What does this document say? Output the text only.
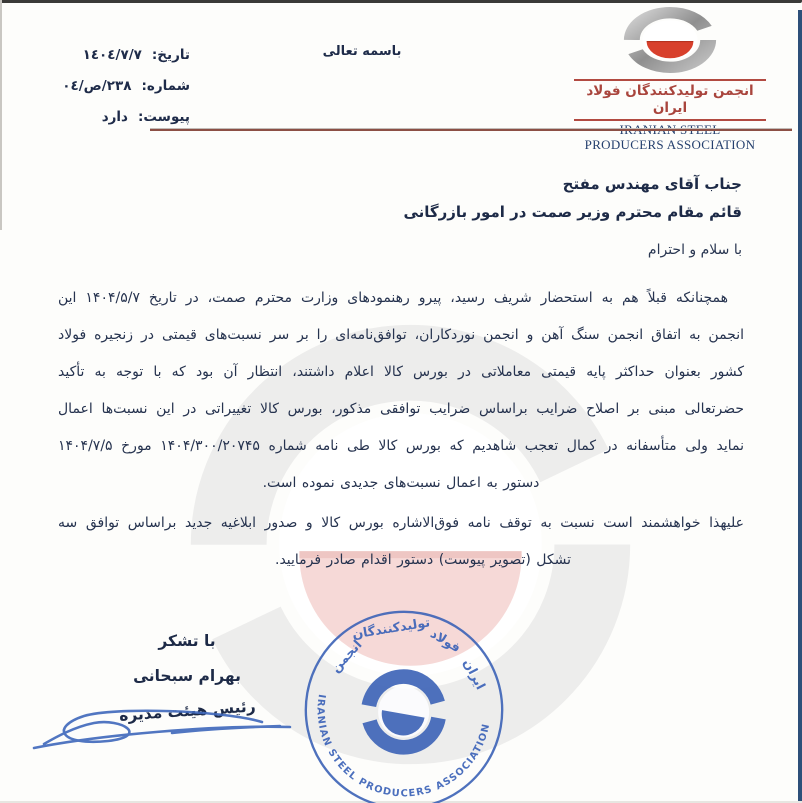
تاریخ:١٤٠٤/٧/٧
شماره:٢٣٨/ص/٠٤
پیوست:دارد
باسمه تعالی
انجمن تولیدکنندگان فولاد ایران
PRODUCERS ASSOCIATION
جناب آقای مهندس مفتح
قائم مقام محترم وزیر صمت در امور بازرگانی
با سلام و احترام
همچنانکه قبلاً هم به استحضار شریف رسید، پیرو رهنمودهای وزارت محترم صمت، در تاریخ ۱۴۰۴/۵/۷ این
انجمن به اتفاق انجمن سنگ آهن و انجمن نوردکاران، توافق‌نامه‌ای را بر سر نسبت‌های قیمتی در زنجیره فولاد
کشور بعنوان حداکثر پایه قیمتی معاملاتی در بورس کالا اعلام داشتند، انتظار آن بود که با توجه به تأکید
حضرتعالی مبنی بر اصلاح ضرایب براساس ضرایب توافقی مذکور، بورس کالا تغییراتی در این نسبت‌ها اعمال
نماید ولی متأسفانه در کمال تعجب شاهدیم که بورس کالا طی نامه شماره ۱۴۰۴/۳۰۰/۲۰۷۴۵ مورخ ۱۴۰۴/۷/۵
دستور به اعمال نسبت‌های جدیدی نموده است.
علیهذا خواهشمند است نسبت به توقف نامه فوق‌الاشاره بورس کالا و صدور ابلاغیه جدید براساس توافق سه
تشکل (تصویر پیوست) دستور اقدام صادر فرمایید.
با تشکر
بهرام سبحانی
رئیس هیئت مدیره
انجمن
تولیدکنندگان
فولاد
ایران
IRANIAN STEEL PRODUCERS ASSOCIATION
